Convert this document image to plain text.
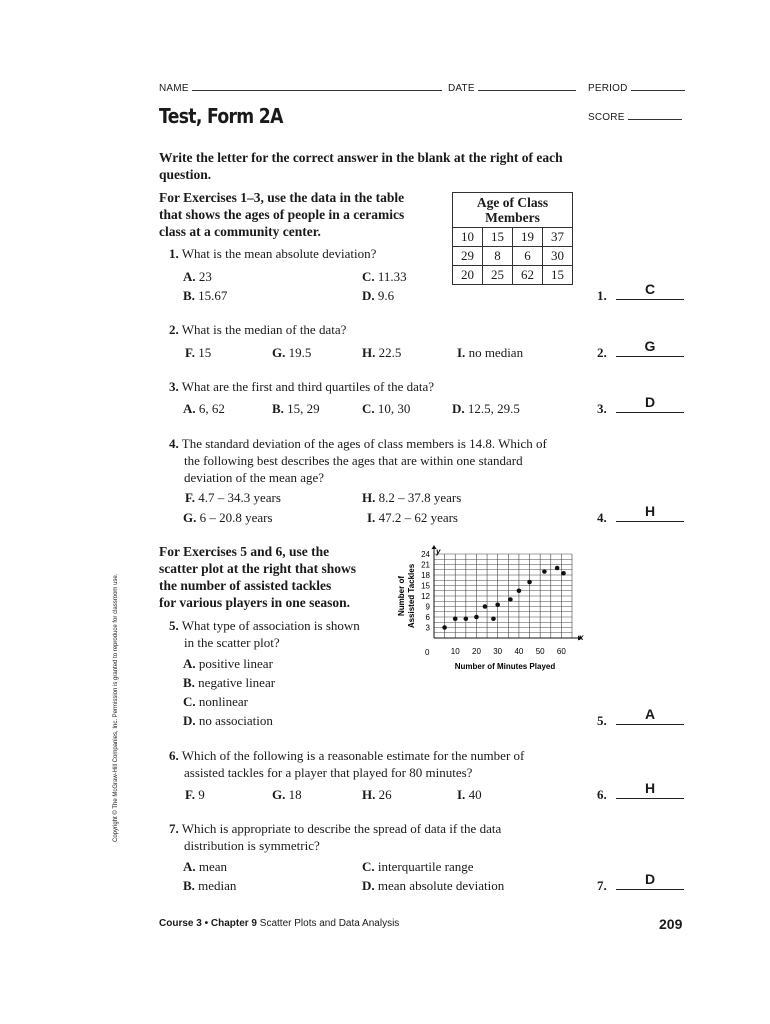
NAME	DATE	PERIOD
SCORE
Test, Form 2A
Write the letter for the correct answer in the blank at the right of each question.
For Exercises 1–3, use the data in the table
that shows the ages of people in a ceramics
class at a community center.
Age of Class
Members			

10	15	19	37
29	8	6	30
20	25	62	15
1. What is the mean absolute deviation?
A. 23	C. 11.33
B. 15.67	D. 9.6	1.	C
2. What is the median of the data?
F. 15	G. 19.5	H. 22.5	I. no median	2.	G
3. What are the first and third quartiles of the data?
A. 6, 62	B. 15, 29	C. 10, 30	D. 12.5, 29.5	3.	D
4. The standard deviation of the ages of class members is 14.8. Which of
the following best describes the ages that are within one standard
deviation of the mean age?
F. 4.7 – 34.3 years	H. 8.2 – 37.8 years
G. 6 – 20.8 years	I. 47.2 – 62 years	4.	H
For Exercises 5 and 6, use the
scatter plot at the right that shows
the number of assisted tackles
for various players in one season.
3
6
9
12
15
18
21
24
10 20 30 40 50 60
Number of Assisted Tackles
Number of Minutes Played
x
y
0
5. What type of association is shown
in the scatter plot?
A. positive linear
B. negative linear
C. nonlinear
D. no association	5.	A
6. Which of the following is a reasonable estimate for the number of
assisted tackles for a player that played for 80 minutes?
F. 9	G. 18	H. 26	I. 40	6.	H
7. Which is appropriate to describe the spread of data if the data
distribution is symmetric?
A. mean	C. interquartile range
B. median	D. mean absolute deviation	7.	D
Copyright © The McGraw-Hill Companies, Inc. Permission is granted to reproduce for classroom use.
Course 3 • Chapter 9 Scatter Plots and Data Analysis	209
